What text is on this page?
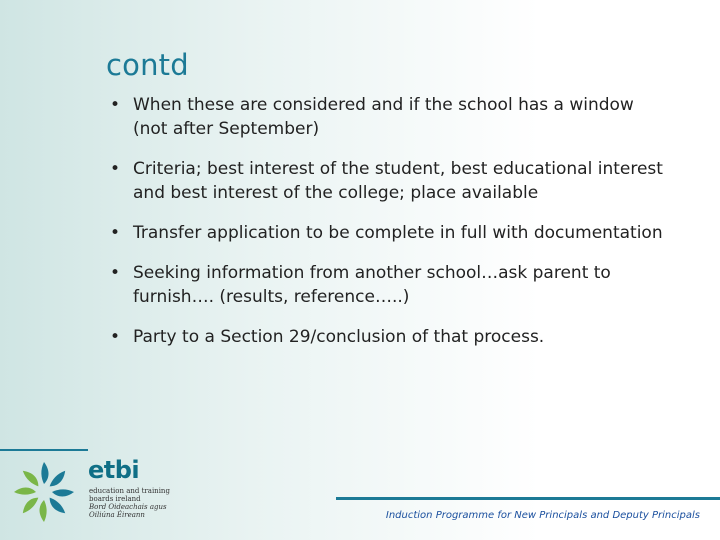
contd
• When these are considered and if the school has a window (not after September)
• Criteria; best interest of the student, best educational interest and best interest of the college; place available
• Transfer application to be complete in full with documentation
• Seeking information from another school…ask parent to furnish…. (results, reference…..)
• Party to a Section 29/conclusion of that process.
etbi
education and training
boards ireland
Bord Oideachais agus
Oiliúna Éireann	Induction Programme for New Principals and Deputy Principals
